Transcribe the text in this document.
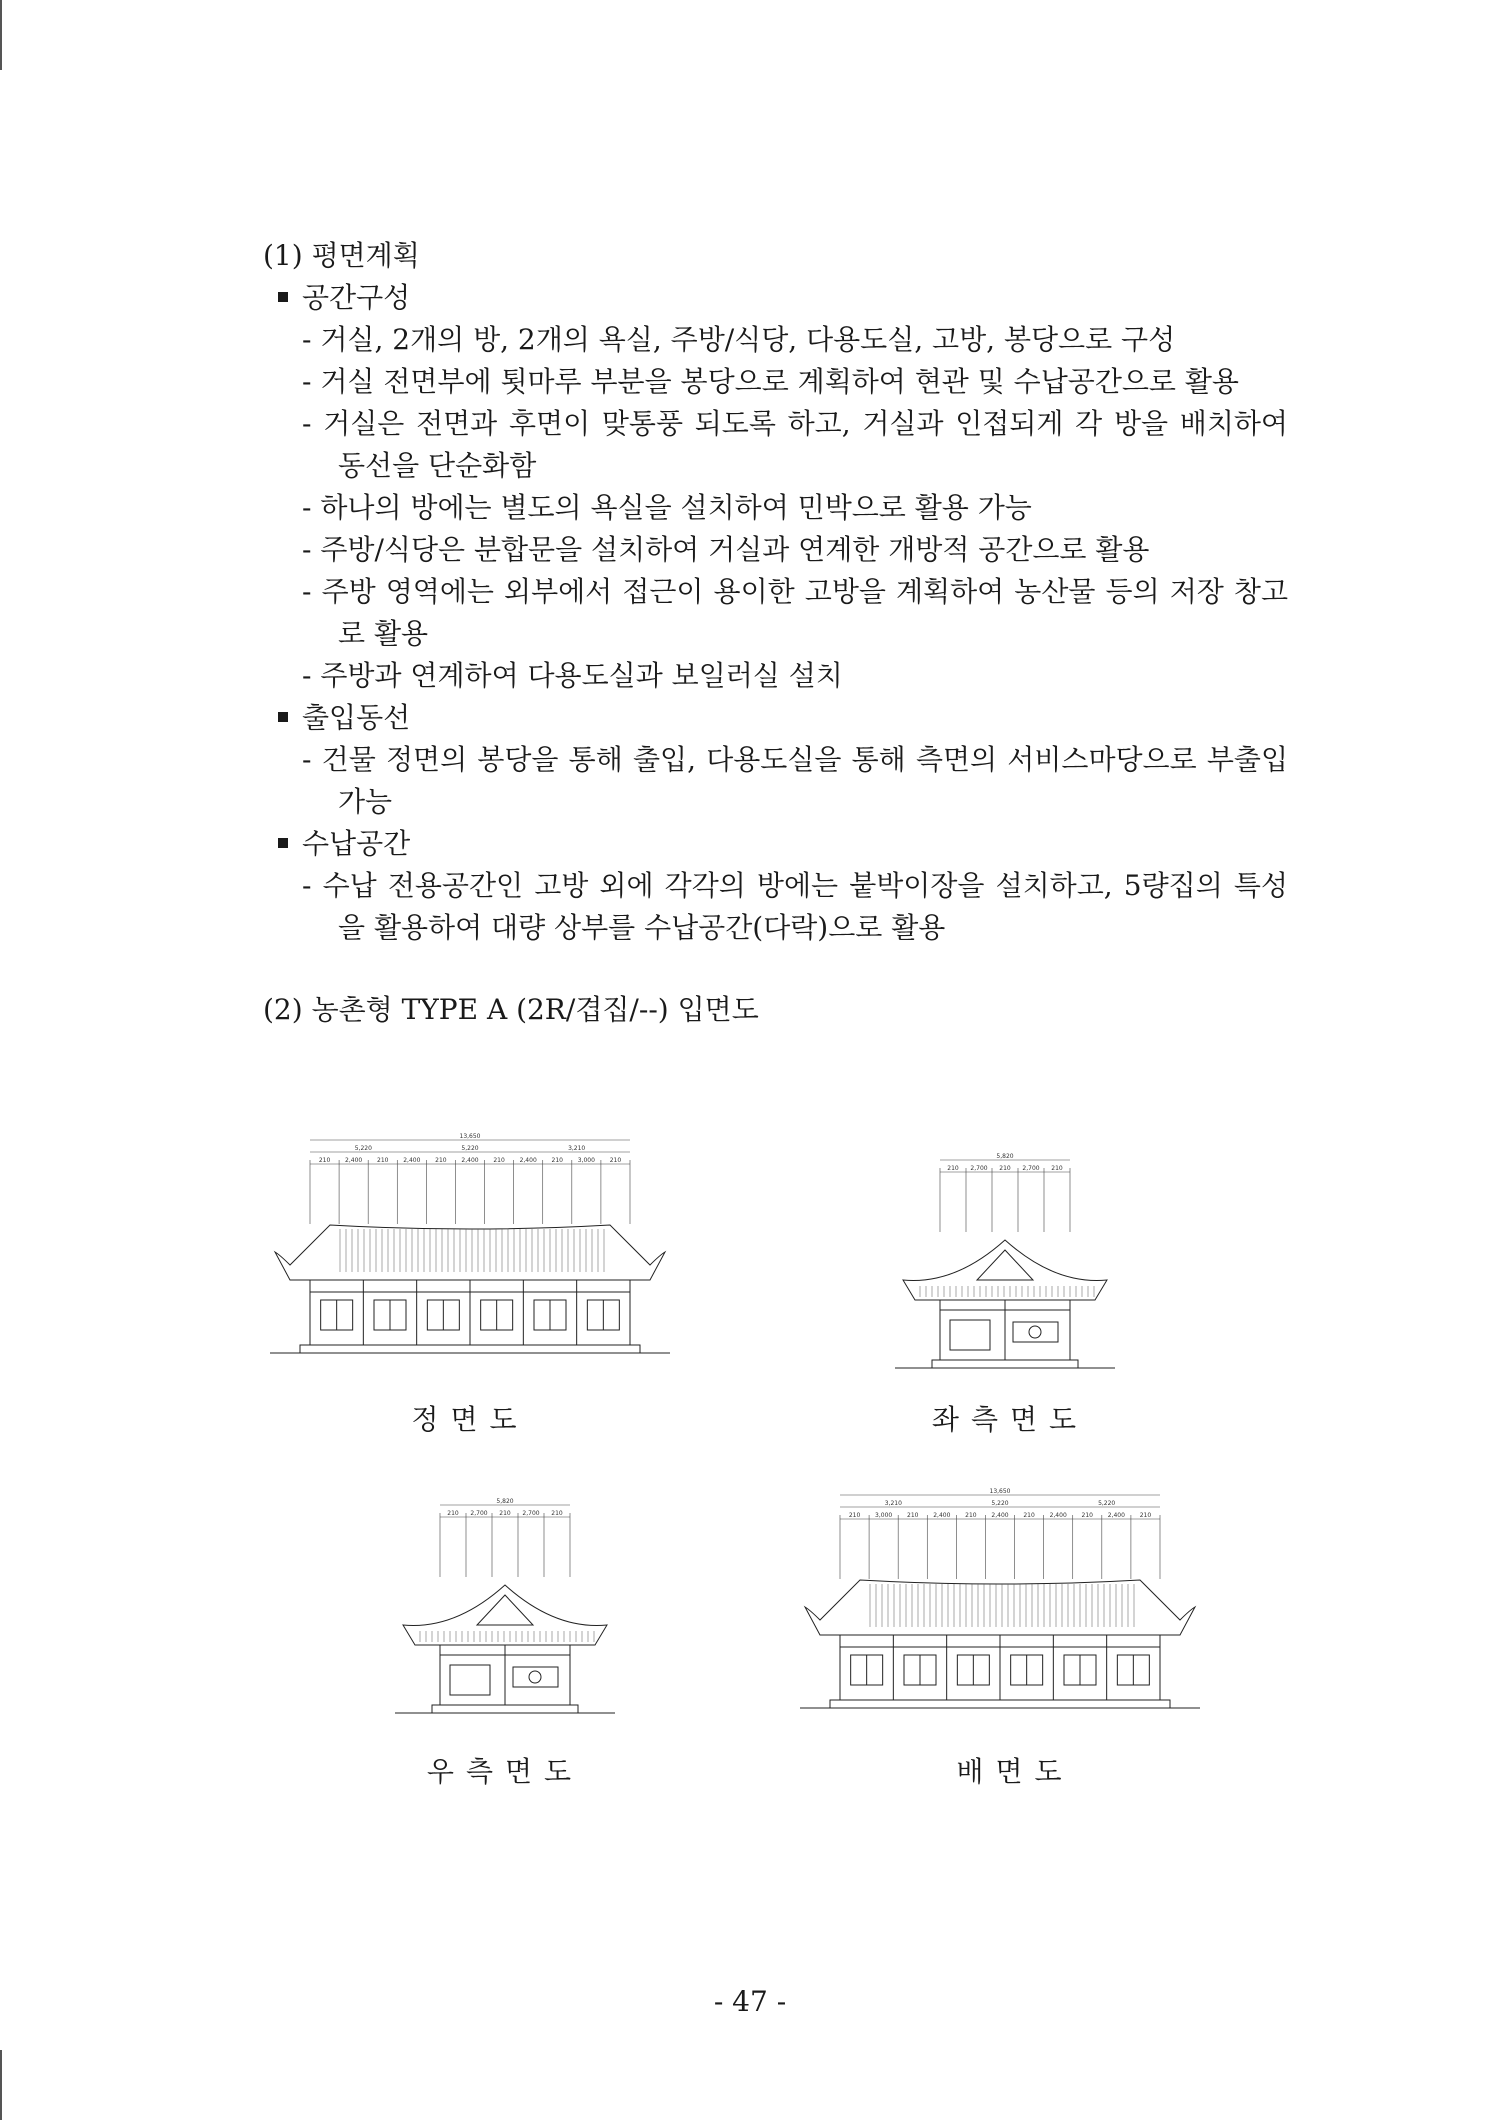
(1) 평면계획

공간구성

- 거실, 2개의 방, 2개의 욕실, 주방/식당, 다용도실, 고방, 봉당으로 구성

- 거실 전면부에 툇마루 부분을 봉당으로 계획하여 현관 및 수납공간으로 활용

- 거실은 전면과 후면이 맞통풍 되도록 하고, 거실과 인접되게 각 방을 배치하여 동선을 단순화함

- 하나의 방에는 별도의 욕실을 설치하여 민박으로 활용 가능

- 주방/식당은 분합문을 설치하여 거실과 연계한 개방적 공간으로 활용

- 주방 영역에는 외부에서 접근이 용이한 고방을 계획하여 농산물 등의 저장 창고로 활용

- 주방과 연계하여 다용도실과 보일러실 설치

출입동선

- 건물 정면의 봉당을 통해 출입, 다용도실을 통해 측면의 서비스마당으로 부출입 가능

수납공간

- 수납 전용공간인 고방 외에 각각의 방에는 붙박이장을 설치하고, 5량집의 특성을 활용하여 대량 상부를 수납공간(다락)으로 활용

(2) 농촌형 TYPE A (2R/겹집/--) 입면도

13,650
5,220	5,220	3,210
210 2,400 210 2,400 210 2,400 210 2,400 210 3,000 210
정면도
5,820
210 2,700 210 2,700 210
좌측면도
5,820
210 2,700 210 2,700 210
우측면도
13,650
3,210	5,220	5,220
210 3,000 210 2,400 210 2,400 210 2,400 210 2,400 210
배면도
- 47 -
